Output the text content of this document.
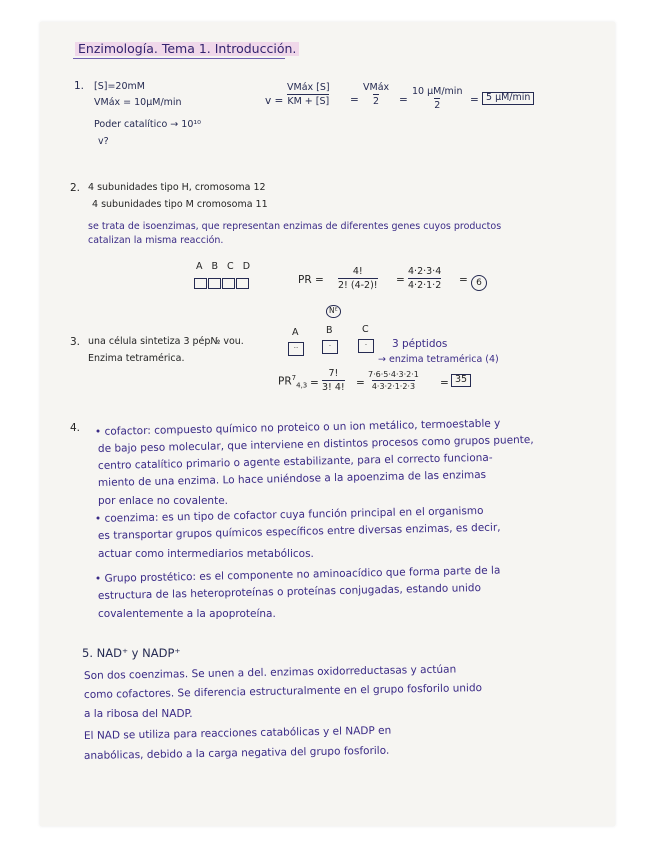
Enzimología. Tema 1. Introducción.
1. [S]=20mM
VMáx = 10μM/min
Poder catalítico → 10¹⁰
v?
v =
VMáx [S]
KM + [S] =
VMáx
2 =
10 μM/min
2	= 5 μM/min
2. 4 subunidades tipo H, cromosoma 12
4 subunidades tipo M cromosoma 11
se trata de isoenzimas, que representan enzimas de diferentes genes cuyos productos
catalizan la misma reacción.
A B C D
PR = $\frac{4!}{2! (4-2)!} = \frac{4\cdot 2\cdot 3\cdot 4}{4\cdot 2\cdot 1\cdot 2} = 6$
Nᴱ
3. una célula sintetiza 3 pép№ vou.
Enzima tetramérica.
A	B	C
··	·	·	3 péptidos
→ enzima tetramérica (4)
$PR^7_{4,3} = \frac{7!}{3! 4!} = \frac{7\cdot 6\cdot 5\cdot 4\cdot 3\cdot 2\cdot 1}{4\cdot 3\cdot 2\cdot 1\cdot 2\cdot 3} = 35$
4. • cofactor: compuesto químico no proteico o un ion metálico, termoestable y
de bajo peso molecular, que interviene en distintos procesos como grupos puente,
centro catalítico primario o agente estabilizante, para el correcto funciona-
miento de una enzima. Lo hace uniéndose a la apoenzima de las enzimas
por enlace no covalente.
• coenzima: es un tipo de cofactor cuya función principal en el organismo
es transportar grupos químicos específicos entre diversas enzimas, es decir,
actuar como intermediarios metabólicos.
• Grupo prostético: es el componente no aminoacídico que forma parte de la
estructura de las heteroproteínas o proteínas conjugadas, estando unido
covalentemente a la apoproteína.
5. NAD⁺ y NADP⁺
Son dos coenzimas. Se unen a del. enzimas oxidorreductasas y actúan
como cofactores. Se diferencia estructuralmente en el grupo fosforilo unido
a la ribosa del NADP.
El NAD se utiliza para reacciones catabólicas y el NADP en
anabólicas, debido a la carga negativa del grupo fosforilo.
